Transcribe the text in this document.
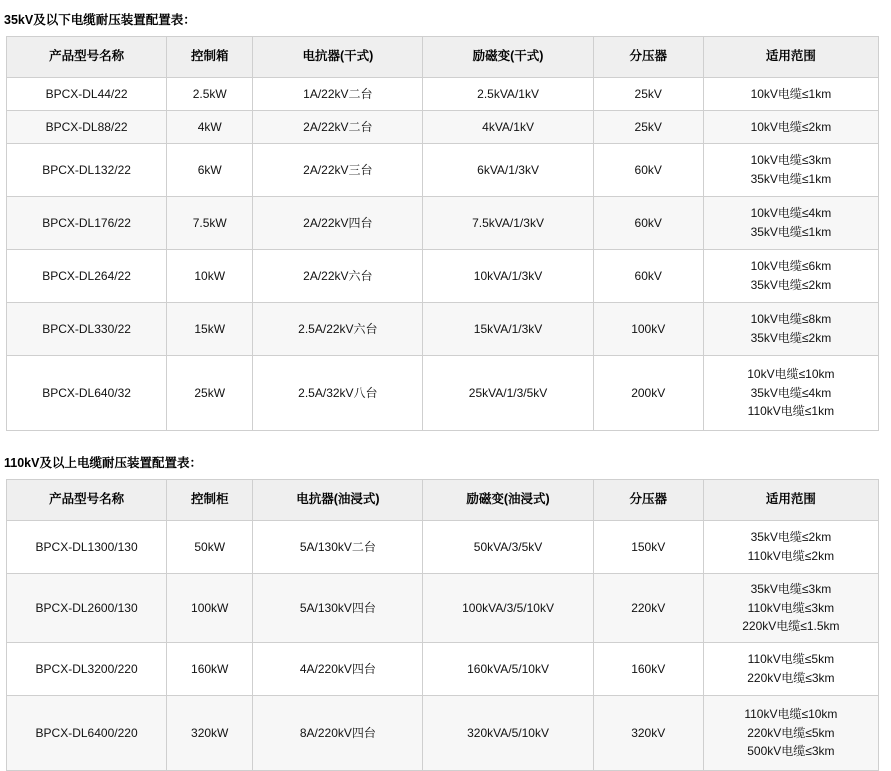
35kV及以下电缆耐压装置配置表：
产品型号名称	控制箱	电抗器(干式)	励磁变(干式)	分压器	适用范围
BPCX-DL44/22	2.5kW	1A/22kV二台	2.5kVA/1kV	25kV	10kV电缆≤1km

BPCX-DL88/22	4kW	2A/22kV二台	4kVA/1kV	25kV	10kV电缆≤2km

BPCX-DL132/22	6kW	2A/22kV三台	6kVA/1/3kV	60kV	10kV电缆≤3km
35kV电缆≤1km

BPCX-DL176/22	7.5kW	2A/22kV四台	7.5kVA/1/3kV	60kV	10kV电缆≤4km
35kV电缆≤1km

BPCX-DL264/22	10kW	2A/22kV六台	10kVA/1/3kV	60kV	10kV电缆≤6km
35kV电缆≤2km

BPCX-DL330/22	15kW	2.5A/22kV六台	15kVA/1/3kV	100kV	10kV电缆≤8km
35kV电缆≤2km

BPCX-DL640/32	25kW	2.5A/32kV八台	25kVA/1/3/5kV	200kV	10kV电缆≤10km
35kV电缆≤4km
110kV电缆≤1km
110kV及以上电缆耐压装置配置表：
产品型号名称	控制柜	电抗器(油浸式)	励磁变(油浸式)	分压器	适用范围
BPCX-DL1300/130	50kW	5A/130kV二台	50kVA/3/5kV	150kV	35kV电缆≤2km
110kV电缆≤2km

BPCX-DL2600/130	100kW	5A/130kV四台	100kVA/3/5/10kV	220kV	35kV电缆≤3km
110kV电缆≤3km
220kV电缆≤1.5km

BPCX-DL3200/220	160kW	4A/220kV四台	160kVA/5/10kV	160kV	110kV电缆≤5km
220kV电缆≤3km

BPCX-DL6400/220	320kW	8A/220kV四台	320kVA/5/10kV	320kV	110kV电缆≤10km
220kV电缆≤5km
500kV电缆≤3km
